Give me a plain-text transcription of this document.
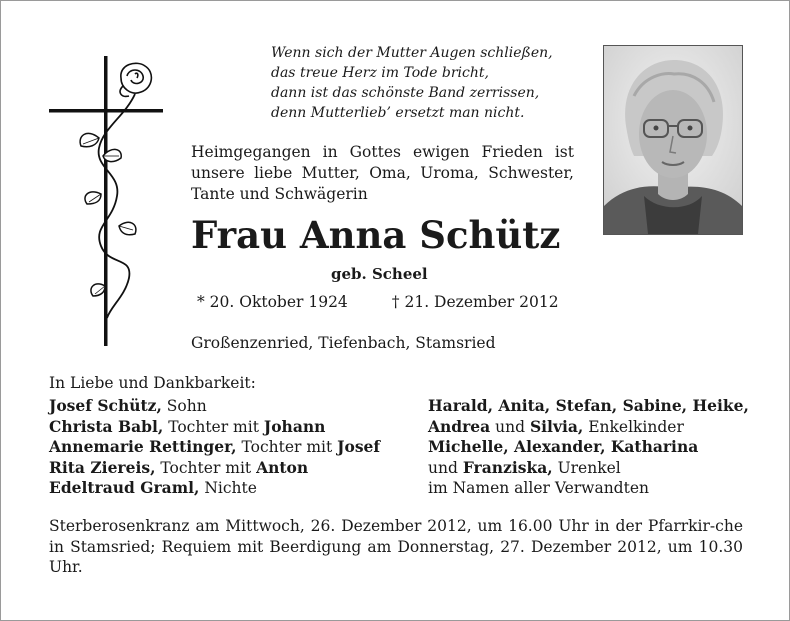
Wenn sich der Mutter Augen schließen,
das treue Herz im Tode bricht,
dann ist das schönste Band zerrissen,
denn Mutterlieb’ ersetzt man nicht.
Heimgegangen in Gottes ewigen Frieden ist unsere liebe Mutter, Oma, Uroma, Schwester, Tante und Schwägerin
Frau Anna Schütz
geb. Scheel
* 20. Oktober 1924	† 21. Dezember 2012
Großenzenried, Tiefenbach, Stamsried
In Liebe und Dankbarkeit:
Josef Schütz, Sohn
Christa Babl, Tochter mit Johann
Annemarie Rettinger, Tochter mit Josef
Rita Ziereis, Tochter mit Anton
Edeltraud Graml, Nichte
Harald, Anita, Stefan, Sabine, Heike,
Andrea und Silvia, Enkelkinder
Michelle, Alexander, Katharina
und Franziska, Urenkel
im Namen aller Verwandten
Sterberosenkranz am Mittwoch, 26. Dezember 2012, um 16.00 Uhr in der Pfarrkir-che in Stamsried; Requiem mit Beerdigung am Donnerstag, 27. Dezember 2012, um 10.30 Uhr.
